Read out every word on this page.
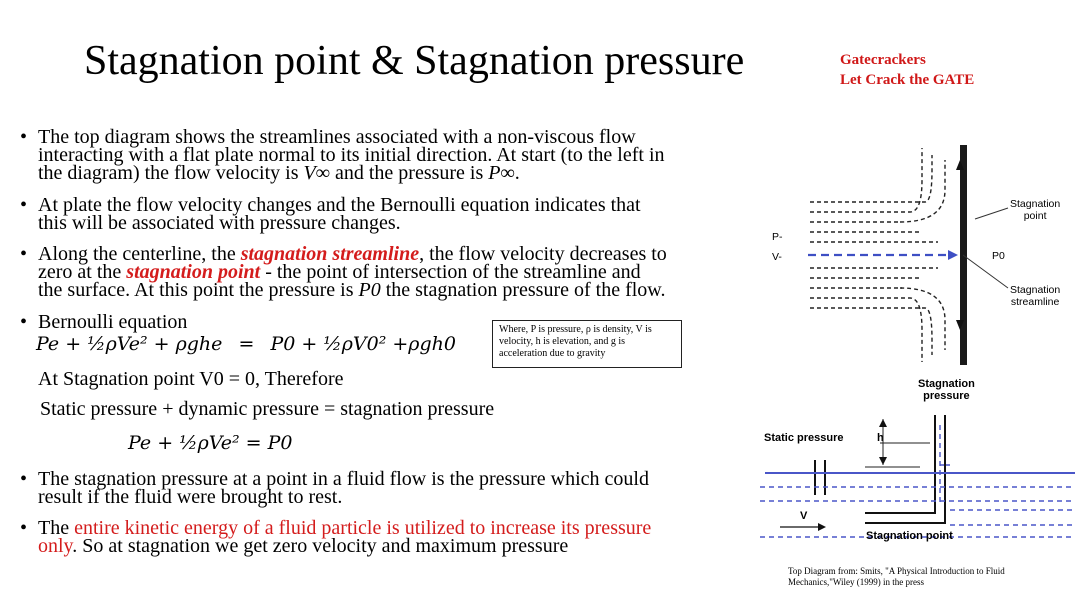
Stagnation point & Stagnation pressure	Gatecrackers
Let Crack the GATE
• The top diagram shows the streamlines associated with a non-viscous flow
interacting with a flat plate normal to its initial direction. At start (to the left in
the diagram) the flow velocity is V∞ and the pressure is P∞.
• At plate the flow velocity changes and the Bernoulli equation indicates that
this will be associated with pressure changes.
• Along the centerline, the stagnation streamline, the flow velocity decreases to
zero at the stagnation point - the point of intersection of the streamline and
the surface. At this point the pressure is P0 the stagnation pressure of the flow.
• Bernoulli equation
Pe + ½ρVe² + ρghe = P0 + ½ρV0² +ρgh0
Where, P is pressure, ρ is density, V is velocity, h is elevation, and g is acceleration due to gravity
At Stagnation point V0 = 0, Therefore
Static pressure + dynamic pressure = stagnation pressure
Pe + ½ρVe² = P0
• The stagnation pressure at a point in a fluid flow is the pressure which could
result if the fluid were brought to rest.
• The entire kinetic energy of a fluid particle is utilized to increase its pressure
only. So at stagnation we get zero velocity and maximum pressure
P-
V-	P0
Stagnation
point
Stagnation
streamline
Stagnation
pressure
Static pressure	h
V
Stagnation point
Top Diagram from: Smits, "A Physical Introduction to Fluid Mechanics,"Wiley (1999) in the press
